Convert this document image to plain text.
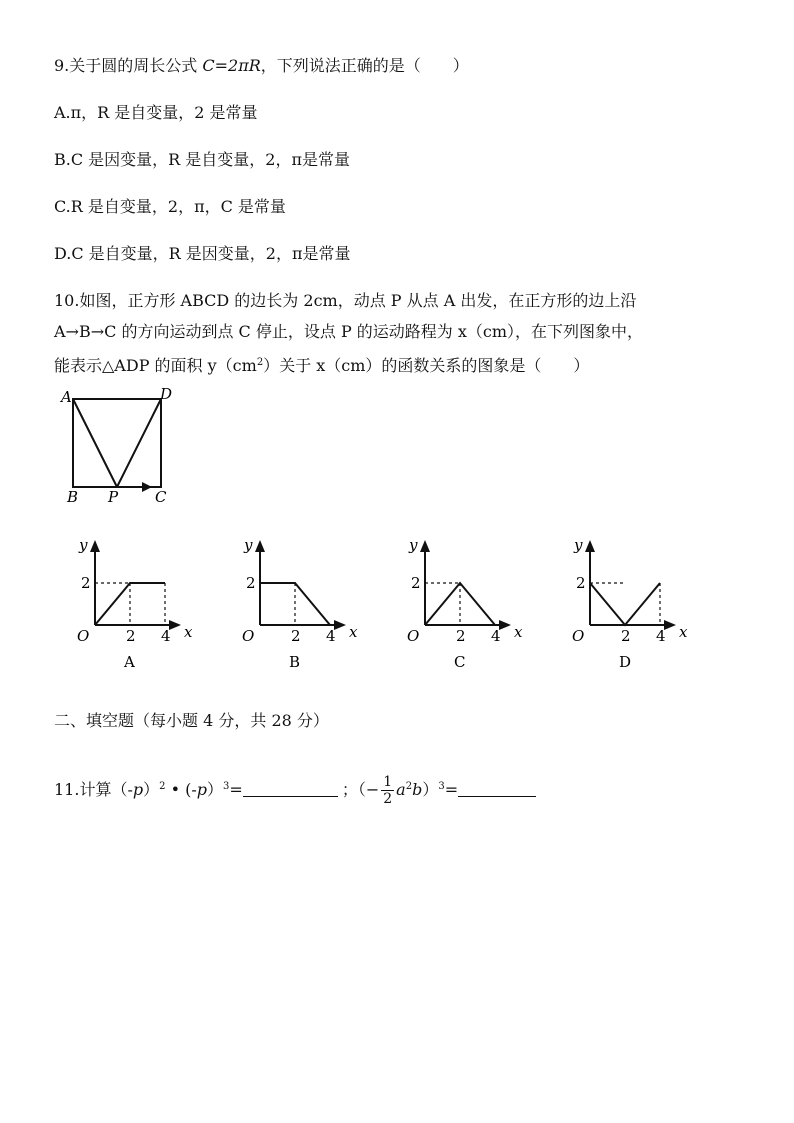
9.关于圆的周长公式 C=2πR，下列说法正确的是（　　）
A.π，R 是自变量，2 是常量
B.C 是因变量，R 是自变量，2，π是常量
C.R 是自变量，2，π，C 是常量
D.C 是自变量，R 是因变量，2，π是常量
10.如图，正方形 ABCD 的边长为 2cm，动点 P 从点 A 出发，在正方形的边上沿
A→B→C 的方向运动到点 C 停止，设点 P 的运动路程为 x（cm），在下列图象中，
能表示△ADP 的面积 $y(cm^2)$关于 x（cm）的函数关系的图象是（　　）
A	D
B P C
y
x
O 2 4
2
A
y
x
O 2 4
2
B
y
x
O 2 4
2
C
y
x
O 2 4
2
D
二、填空题（每小题 4 分，共 28 分）
11.计算$(-p)^2$ • (-p）$^3$=	；（− $\frac{1}{2} a^2b)^3=$
